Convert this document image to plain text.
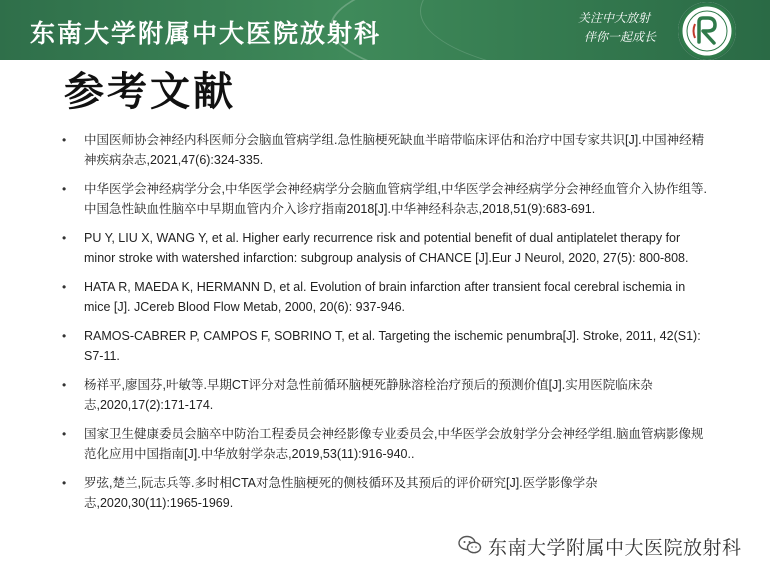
东南大学附属中大医院放射科
关注中大放射
伴你一起成长
参考文献
• 中国医师协会神经内科医师分会脑血管病学组.急性脑梗死缺血半暗带临床评估和治疗中国专家共识[J].中国神经精神疾病杂志,2021,47(6):324-335.
• 中华医学会神经病学分会,中华医学会神经病学分会脑血管病学组,中华医学会神经病学分会神经血管介入协作组等.中国急性缺血性脑卒中早期血管内介入诊疗指南2018[J].中华神经科杂志,2018,51(9):683-691.
• PU Y, LIU X, WANG Y, et al. Higher early recurrence risk and potential benefit of dual antiplatelet therapy for minor stroke with watershed infarction: subgroup analysis of CHANCE [J].Eur J Neurol, 2020, 27(5): 800-808.
• HATA R, MAEDA K, HERMANN D, et al. Evolution of brain infarction after transient focal cerebral ischemia in mice [J]. JCereb Blood Flow Metab, 2000, 20(6): 937-946.
• RAMOS-CABRER P, CAMPOS F, SOBRINO T, et al. Targeting the ischemic penumbra[J]. Stroke, 2011, 42(S1): S7-11.
• 杨祥平,廖国芬,叶敏等.早期CT评分对急性前循环脑梗死静脉溶栓治疗预后的预测价值[J].实用医院临床杂志,2020,17(2):171-174.
• 国家卫生健康委员会脑卒中防治工程委员会神经影像专业委员会,中华医学会放射学分会神经学组.脑血管病影像规范化应用中国指南[J].中华放射学杂志,2019,53(11):916-940..
• 罗弦,楚兰,阮志兵等.多时相CTA对急性脑梗死的侧枝循环及其预后的评价研究[J].医学影像学杂志,2020,30(11):1965-1969.
东南大学附属中大医院放射科
